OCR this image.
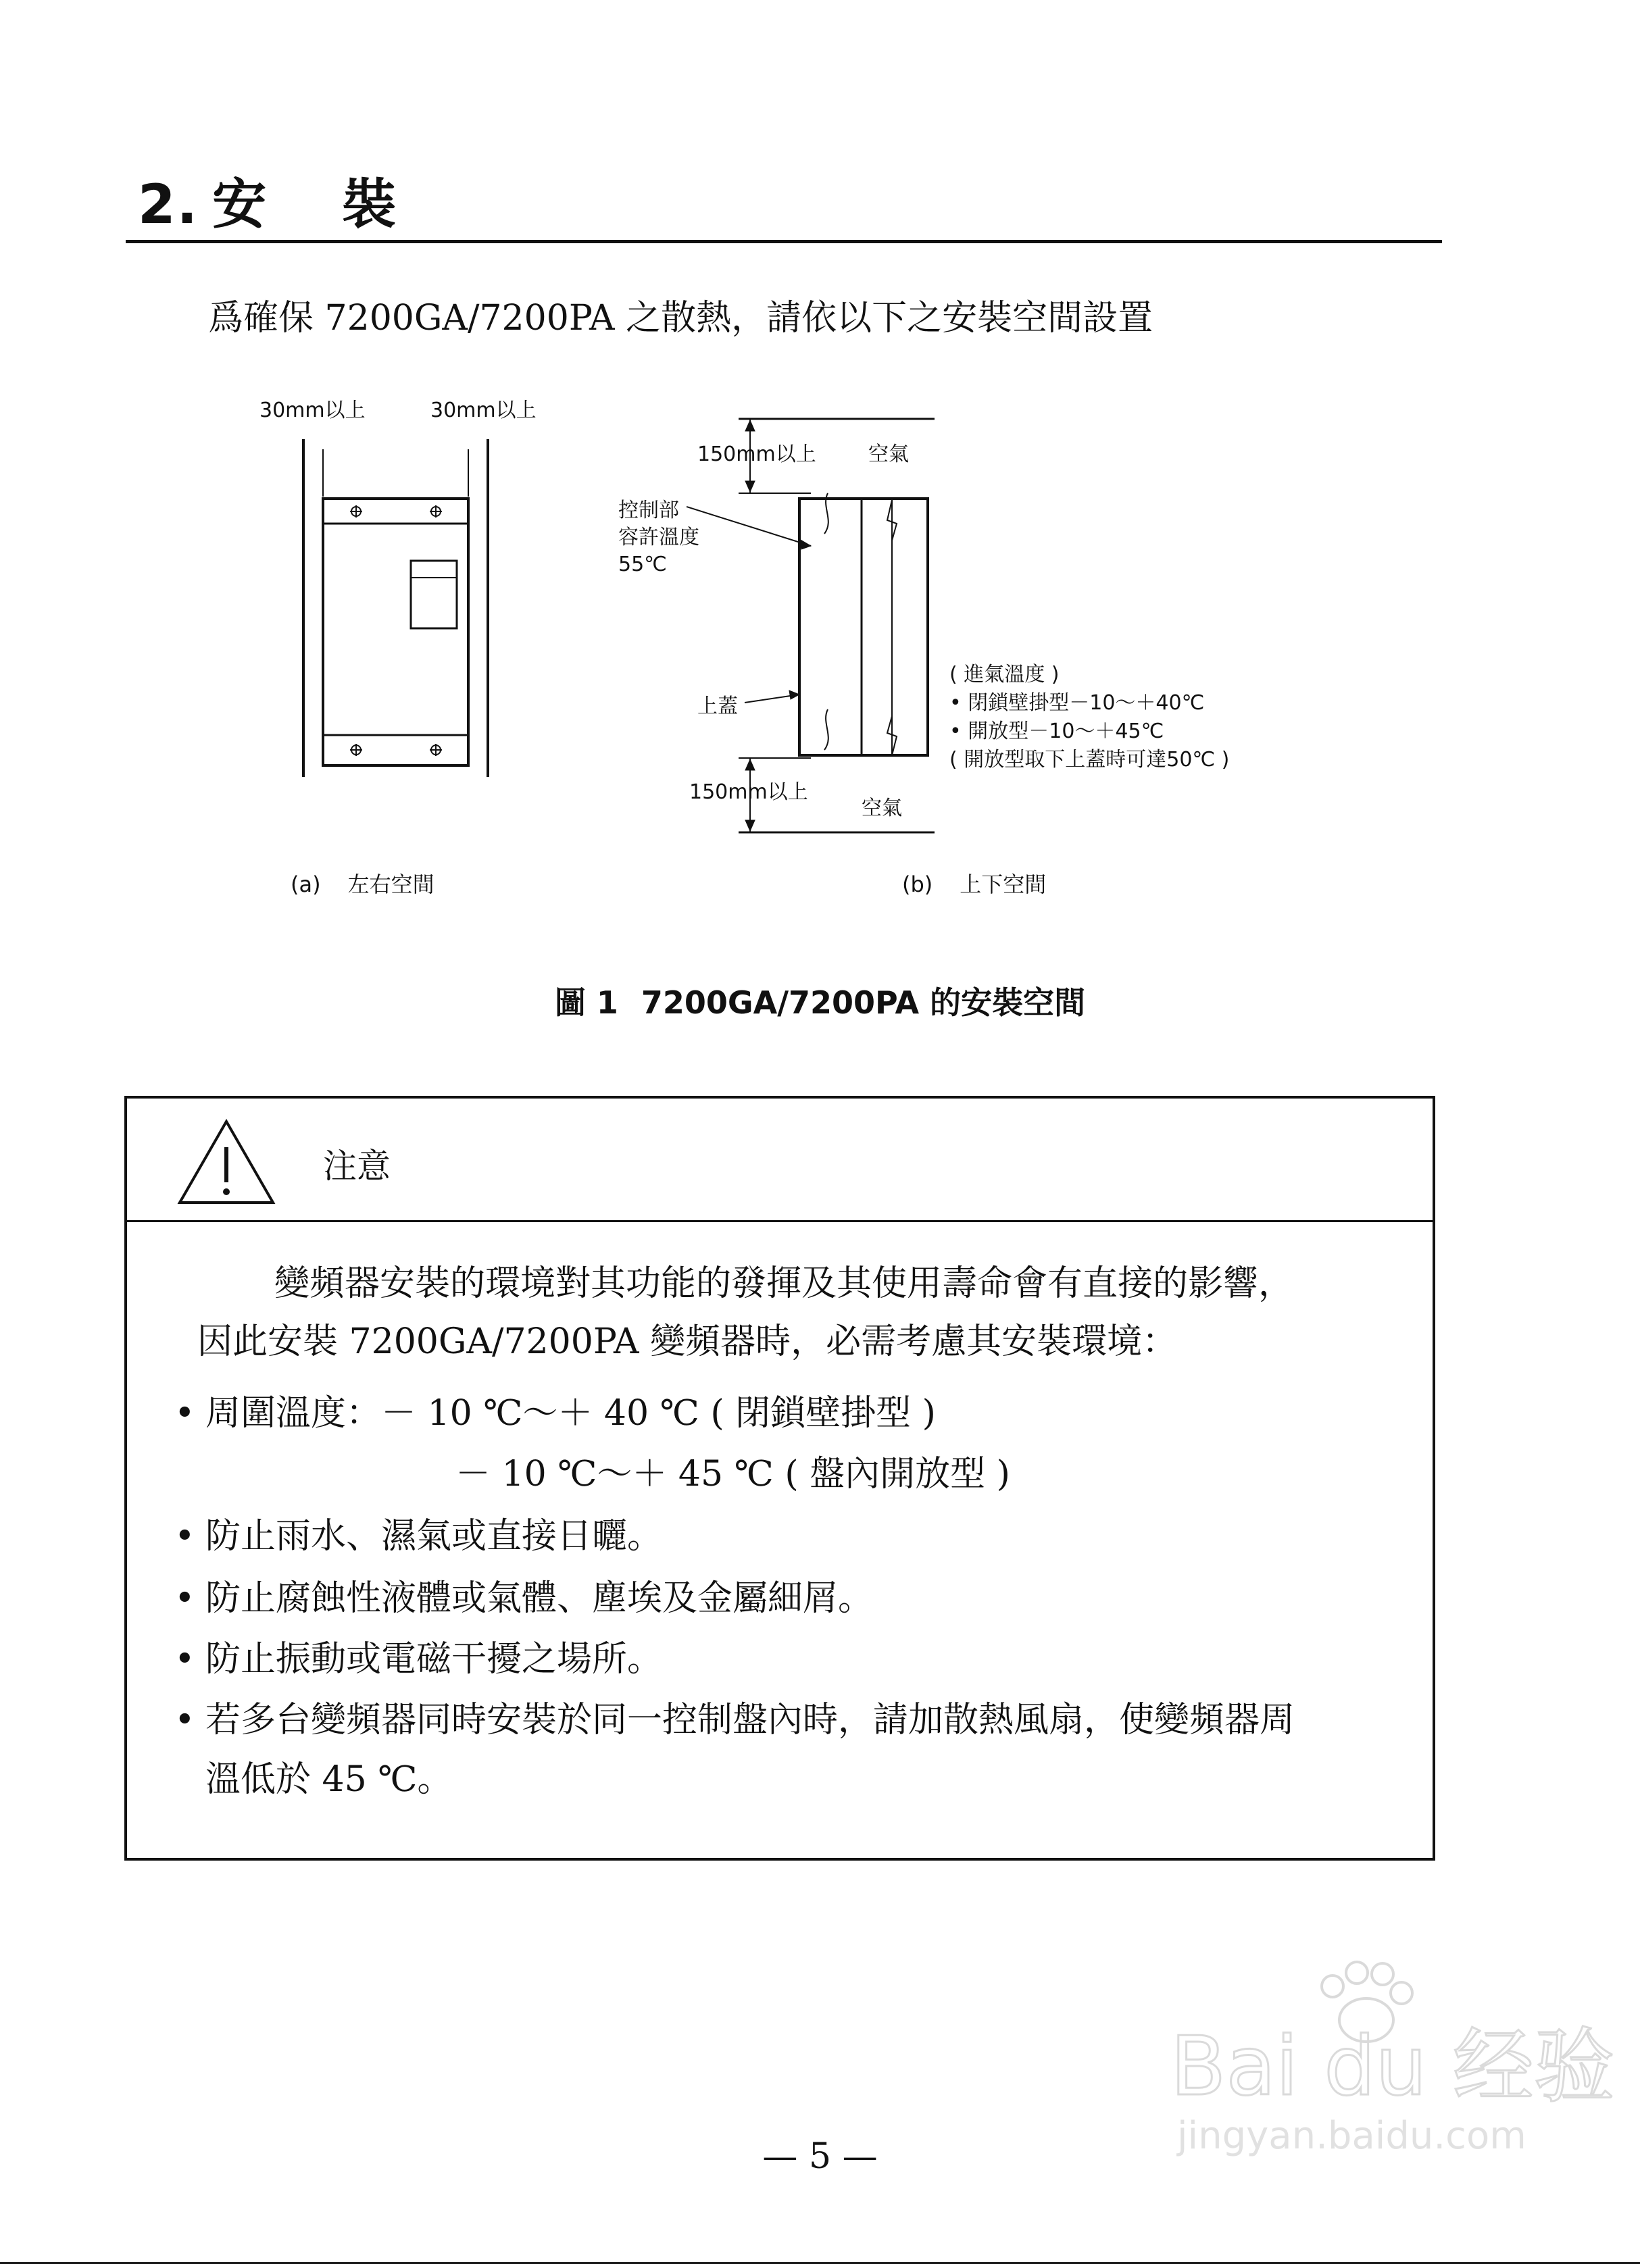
2. 安 裝
爲確保 7200GA/7200PA 之散熱，請依以下之安裝空間設置
30mm以上	30mm以上
150mm以上	空氣
控制部
容許溫度
55℃
上蓋
( 進氣溫度 )
• 閉鎖壁掛型－10～＋40℃
• 開放型－10～＋45℃
( 開放型取下上蓋時可達50℃ )
150mm以上
空氣
(a) 左右空間	(b) 上下空間
圖 1 7200GA/7200PA 的安裝空間
注意
變頻器安裝的環境對其功能的發揮及其使用壽命會有直接的影響，
因此安裝 7200GA/7200PA 變頻器時，必需考慮其安裝環境：
• 周圍溫度：－ 10 ℃～＋ 40 ℃ ( 閉鎖壁掛型 )
－ 10 ℃～＋ 45 ℃ ( 盤內開放型 )
• 防止雨水、濕氣或直接日曬。
• 防止腐蝕性液體或氣體、塵埃及金屬細屑。
• 防止振動或電磁干擾之場所。
• 若多台變頻器同時安裝於同一控制盤內時，請加散熱風扇，使變頻器周
溫低於 45 ℃。
Bai du 经验
jingyan.baidu.com
— 5 —
